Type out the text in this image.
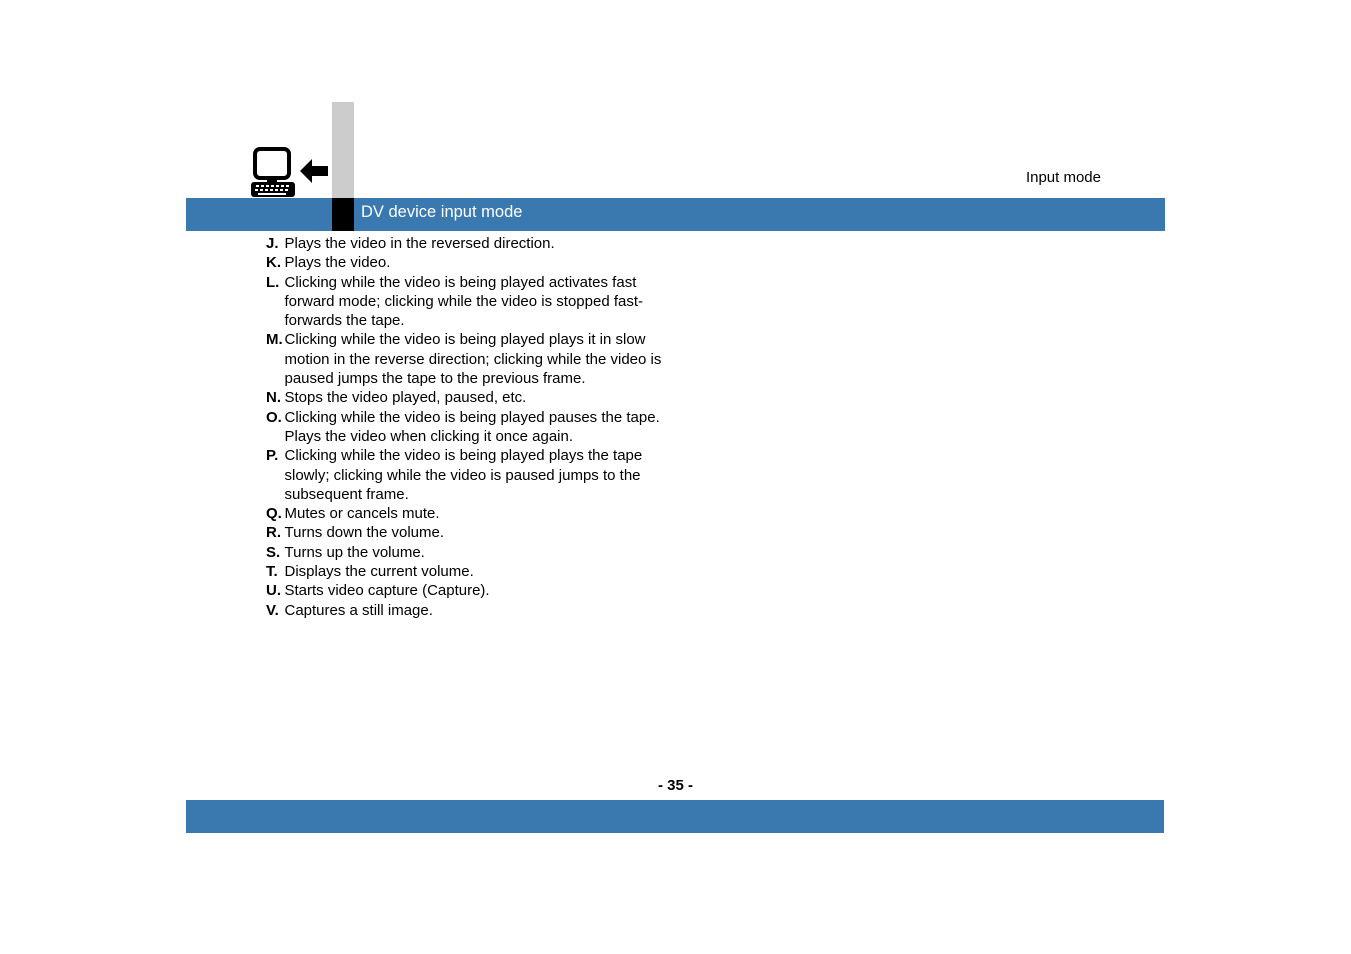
Input mode
DV device input mode
J. Plays the video in the reversed direction.
K. Plays the video.
L. Clicking while the video is being played activates fast forward mode; clicking while the video is stopped fast-forwards the tape.
M. Clicking while the video is being played plays it in slow motion in the reverse direction; clicking while the video is paused jumps the tape to the previous frame.
N. Stops the video played, paused, etc.
O. Clicking while the video is being played pauses the tape. Plays the video when clicking it once again.
P. Clicking while the video is being played plays the tape slowly; clicking while the video is paused jumps to the subsequent frame.
Q. Mutes or cancels mute.
R. Turns down the volume.
S. Turns up the volume.
T. Displays the current volume.
U. Starts video capture (Capture).
V. Captures a still image.
- 35 -
